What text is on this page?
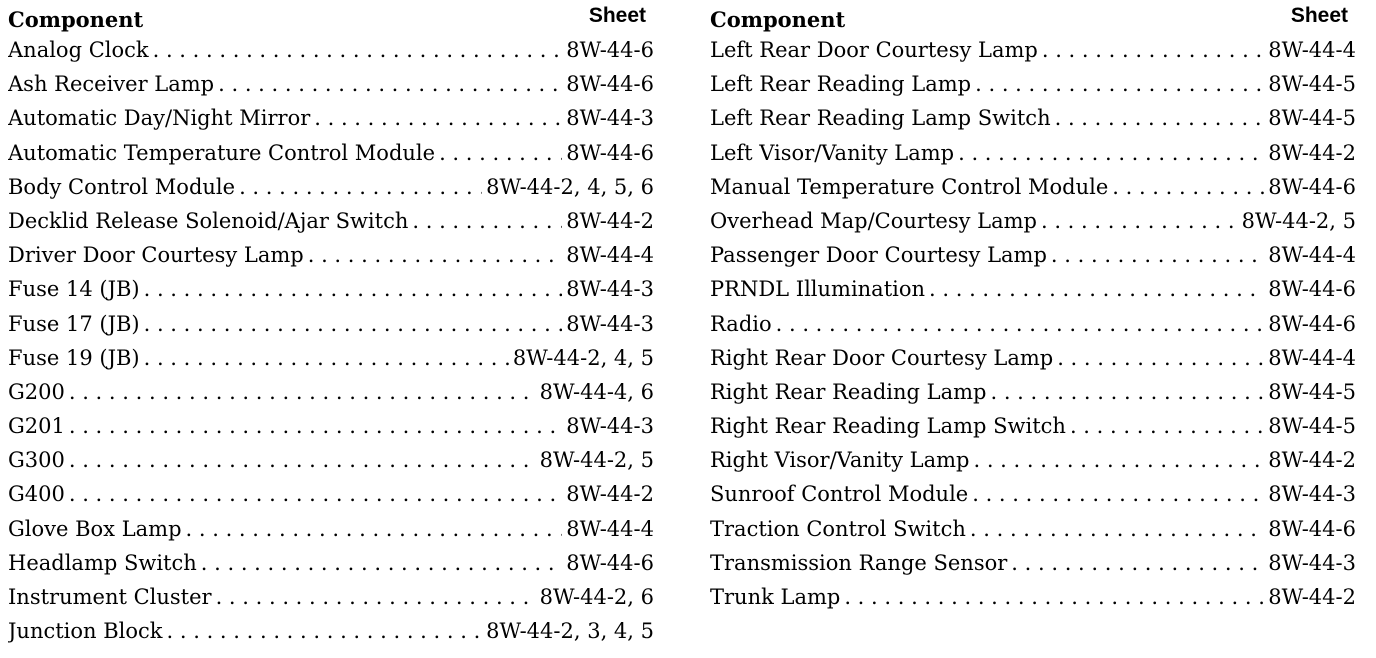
Component	Sheet
Analog Clock . . .	8W-44-6
Ash Receiver Lamp . . .	8W-44-6
Automatic Day/Night Mirror . . .	8W-44-3
Automatic Temperature Control Module . . .	8W-44-6
Body Control Module . . .	8W-44-2, 4, 5, 6
Decklid Release Solenoid/Ajar Switch . . .	8W-44-2
Driver Door Courtesy Lamp . . .	8W-44-4
Fuse 14 (JB) . . .	8W-44-3
Fuse 17 (JB) . . .	8W-44-3
Fuse 19 (JB) . . .	8W-44-2, 4, 5
G200 . . .	8W-44-4, 6
G201 . . .	8W-44-3
G300 . . .	8W-44-2, 5
G400 . . .	8W-44-2
Glove Box Lamp . . .	8W-44-4
Headlamp Switch . . .	8W-44-6
Instrument Cluster . . .	8W-44-2, 6
Junction Block . . .	8W-44-2, 3, 4, 5
Component	Sheet
Left Rear Door Courtesy Lamp . . .	8W-44-4
Left Rear Reading Lamp . . .	8W-44-5
Left Rear Reading Lamp Switch . . .	8W-44-5
Left Visor/Vanity Lamp . . .	8W-44-2
Manual Temperature Control Module . . .	8W-44-6
Overhead Map/Courtesy Lamp . . .	8W-44-2, 5
Passenger Door Courtesy Lamp . . .	8W-44-4
PRNDL Illumination . . .	8W-44-6
Radio . . .	8W-44-6
Right Rear Door Courtesy Lamp . . .	8W-44-4
Right Rear Reading Lamp . . .	8W-44-5
Right Rear Reading Lamp Switch . . .	8W-44-5
Right Visor/Vanity Lamp . . .	8W-44-2
Sunroof Control Module . . .	8W-44-3
Traction Control Switch . . .	8W-44-6
Transmission Range Sensor . . .	8W-44-3
Trunk Lamp . . .	8W-44-2
